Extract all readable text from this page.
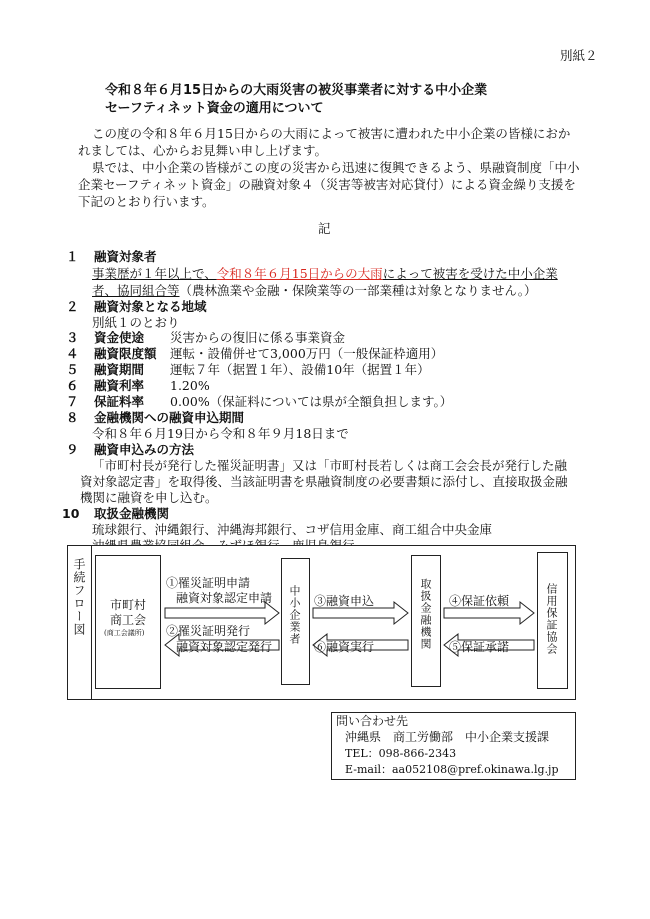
別紙２
令和８年６月15日からの大雨災害の被災事業者に対する中小企業
セーフティネット資金の適用について
この度の令和８年６月15日からの大雨によって被害に遭われた中小企業の皆様におか
れましては、心からお見舞い申し上げます。
県では、中小企業の皆様がこの度の災害から迅速に復興できるよう、県融資制度「中小
企業セーフティネット資金」の融資対象４（災害等被害対応貸付）による資金繰り支援を
下記のとおり行います。
記
１ 融資対象者
事業歴が１年以上で、令和８年６月15日からの大雨によって被害を受けた中小企業
者、協同組合等（農林漁業や金融・保険業等の一部業種は対象となりません。）
２ 融資対象となる地域
別紙１のとおり
３ 資金使途 災害からの復旧に係る事業資金
４ 融資限度額 運転・設備併せて3,000万円（一般保証枠適用）
５ 融資期間 運転７年（据置１年）、設備10年（据置１年）
６ 融資利率 1.20%
７ 保証料率 0.00%（保証料については県が全額負担します。）
８ 金融機関への融資申込期間
令和８年６月19日から令和８年９月18日まで
９ 融資申込みの方法
「市町村長が発行した罹災証明書」又は「市町村長若しくは商工会会長が発行した融
資対象認定書」を取得後、当該証明書を県融資制度の必要書類に添付し、直接取扱金融
機関に融資を申し込む。
10 取扱金融機関
琉球銀行、沖縄銀行、沖縄海邦銀行、コザ信用金庫、商工組合中央金庫
手続フロー図 市町村
商工会
(商工会議所)	中小企業者	取扱金融機関	信用保証協会
①罹災証明申請
融資対象認定申請
②罹災証明発行
融資対象認定発行
③融資申込
⑥融資実行
④保証依頼
⑤保証承諾
問い合わせ先
沖縄県　商工労働部　中小企業支援課
TEL：098-866-2343
E-mail：aa052108@pref.okinawa.lg.jp
